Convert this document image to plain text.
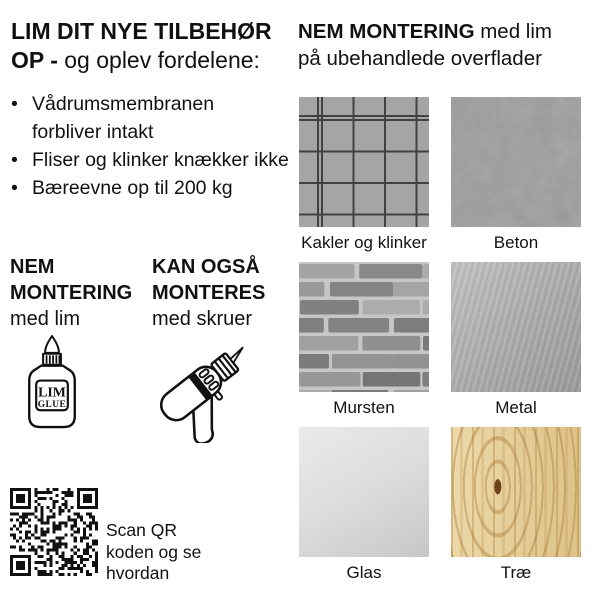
LIM DIT NYE TILBEHØR
OP - og oplev fordelene:
• Vådrumsmembranen
forbliver intakt
• Fliser og klinker knækker ikke
• Bæreevne op til 200 kg
NEM
MONTERING
med lim
KAN OGSÅ
MONTERES
med skruer
LIM
GLUE
Scan QR
koden og se
hvordan
NEM MONTERING med lim
på ubehandlede overflader
Kakler og klinker	Beton
Mursten	Metal
Glas	Træ
